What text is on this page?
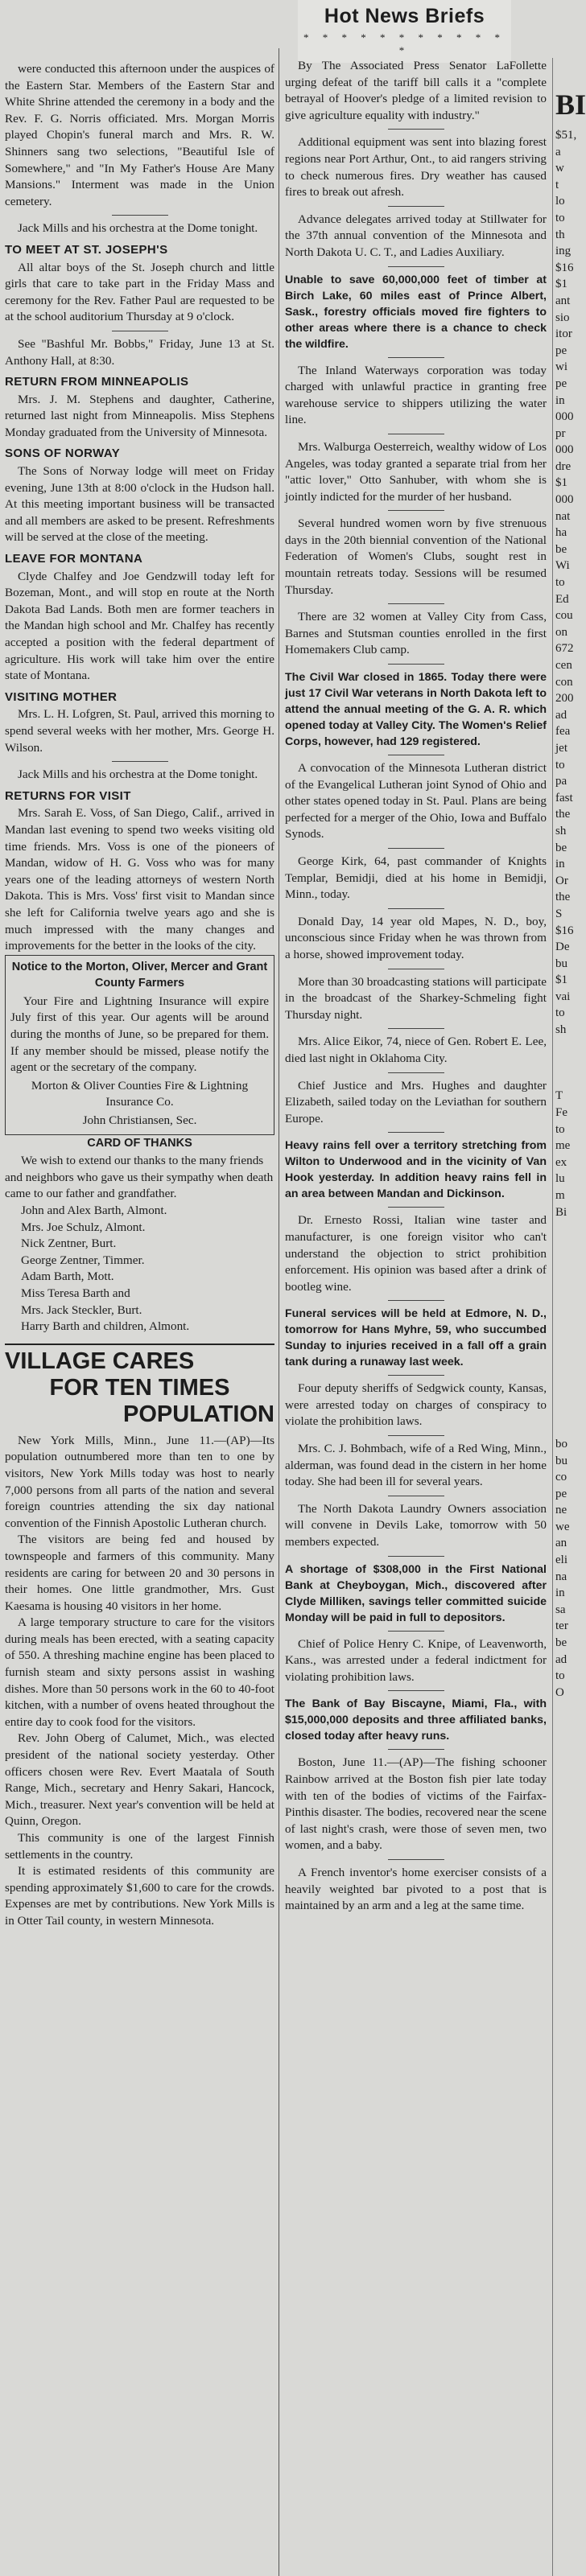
Hot News Briefs
* * * * * * * * * * * *

were conducted this afternoon under the auspices of the Eastern Star. Members of the Eastern Star and White Shrine attended the ceremony in a body and the Rev. F. G. Norris officiated. Mrs. Morgan Morris played Chopin's funeral march and Mrs. R. W. Shinners sang two selections, "Beautiful Isle of Somewhere," and "In My Father's House Are Many Mansions." Interment was made in the Union cemetery.

Jack Mills and his orchestra at the Dome tonight.

TO MEET AT ST. JOSEPH'S

All altar boys of the St. Joseph church and little girls that care to take part in the Friday Mass and ceremony for the Rev. Father Paul are requested to be at the school auditorium Thursday at 9 o'clock.

See "Bashful Mr. Bobbs," Friday, June 13 at St. Anthony Hall, at 8:30.

RETURN FROM MINNEAPOLIS

Mrs. J. M. Stephens and daughter, Catherine, returned last night from Minneapolis. Miss Stephens Monday graduated from the University of Minnesota.

SONS OF NORWAY

The Sons of Norway lodge will meet on Friday evening, June 13th at 8:00 o'clock in the Hudson hall. At this meeting important business will be transacted and all members are asked to be present. Refreshments will be served at the close of the meeting.

LEAVE FOR MONTANA

Clyde Chalfey and Joe Gendzwill today left for Bozeman, Mont., and will stop en route at the North Dakota Bad Lands. Both men are former teachers in the Mandan high school and Mr. Chalfey has recently accepted a position with the federal department of agriculture. His work will take him over the entire state of Montana.

VISITING MOTHER

Mrs. L. H. Lofgren, St. Paul, arrived this morning to spend several weeks with her mother, Mrs. George H. Wilson.

Jack Mills and his orchestra at the Dome tonight.

RETURNS FOR VISIT

Mrs. Sarah E. Voss, of San Diego, Calif., arrived in Mandan last evening to spend two weeks visiting old time friends. Mrs. Voss is one of the pioneers of Mandan, widow of H. G. Voss who was for many years one of the leading attorneys of western North Dakota. This is Mrs. Voss' first visit to Mandan since she left for California twelve years ago and she is much impressed with the many changes and improvements for the better in the looks of the city.

Notice to the Morton, Oliver, Mercer and Grant County Farmers

Your Fire and Lightning Insurance will expire July first of this year. Our agents will be around during the months of June, so be prepared for them. If any member should be missed, please notify the agent or the secretary of the company.

Morton & Oliver Counties Fire & Lightning Insurance Co.
John Christiansen, Sec.
CARD OF THANKS

We wish to extend our thanks to the many friends and neighbors who gave us their sympathy when death came to our father and grandfather.

John and Alex Barth, Almont.

Mrs. Joe Schulz, Almont.

Nick Zentner, Burt.

George Zentner, Timmer.

Adam Barth, Mott.

Miss Teresa Barth and

Mrs. Jack Steckler, Burt.

Harry Barth and children, Almont.

VILLAGE CARES
FOR TEN TIMES
POPULATION

New York Mills, Minn., June 11.—(AP)—Its population outnumbered more than ten to one by visitors, New York Mills today was host to nearly 7,000 persons from all parts of the nation and several foreign countries attending the six day national convention of the Finnish Apostolic Lutheran church.

The visitors are being fed and housed by townspeople and farmers of this community. Many residents are caring for between 20 and 30 persons in their homes. One little grandmother, Mrs. Gust Kaesama is housing 40 visitors in her home.

A large temporary structure to care for the visitors during meals has been erected, with a seating capacity of 550. A threshing machine engine has been placed to furnish steam and sixty persons assist in washing dishes. More than 50 persons work in the 60 to 40-foot kitchen, with a number of ovens heated throughout the entire day to cook food for the visitors.

Rev. John Oberg of Calumet, Mich., was elected president of the national society yesterday. Other officers chosen were Rev. Evert Maatala of South Range, Mich., secretary and Henry Sakari, Hancock, Mich., treasurer. Next year's convention will be held at Quinn, Oregon.

This community is one of the largest Finnish settlements in the country.

It is estimated residents of this community are spending approximately $1,600 to care for the crowds. Expenses are met by contributions. New York Mills is in Otter Tail county, in western Minnesota.

By The Associated Press Senator LaFollette urging defeat of the tariff bill calls it a "complete betrayal of Hoover's pledge of a limited revision to give agriculture equality with industry."

Additional equipment was sent into blazing forest regions near Port Arthur, Ont., to aid rangers striving to check numerous fires. Dry weather has caused fires to break out afresh.

Advance delegates arrived today at Stillwater for the 37th annual convention of the Minnesota and North Dakota U. C. T., and Ladies Auxiliary.

Unable to save 60,000,000 feet of timber at Birch Lake, 60 miles east of Prince Albert, Sask., forestry officials moved fire fighters to other areas where there is a chance to check the wildfire.

The Inland Waterways corporation was today charged with unlawful practice in granting free warehouse service to shippers utilizing the water line.

Mrs. Walburga Oesterreich, wealthy widow of Los Angeles, was today granted a separate trial from her "attic lover," Otto Sanhuber, with whom she is jointly indicted for the murder of her husband.

Several hundred women worn by five strenuous days in the 20th biennial convention of the National Federation of Women's Clubs, sought rest in mountain retreats today. Sessions will be resumed Thursday.

There are 32 women at Valley City from Cass, Barnes and Stutsman counties enrolled in the first Homemakers Club camp.

The Civil War closed in 1865. Today there were just 17 Civil War veterans in North Dakota left to attend the annual meeting of the G. A. R. which opened today at Valley City. The Women's Relief Corps, however, had 129 registered.

A convocation of the Minnesota Lutheran district of the Evangelical Lutheran joint Synod of Ohio and other states opened today in St. Paul. Plans are being perfected for a merger of the Ohio, Iowa and Buffalo Synods.

George Kirk, 64, past commander of Knights Templar, Bemidji, died at his home in Bemidji, Minn., today.

Donald Day, 14 year old Mapes, N. D., boy, unconscious since Friday when he was thrown from a horse, showed improvement today.

More than 30 broadcasting stations will participate in the broadcast of the Sharkey-Schmeling fight Thursday night.

Mrs. Alice Eikor, 74, niece of Gen. Robert E. Lee, died last night in Oklahoma City.

Chief Justice and Mrs. Hughes and daughter Elizabeth, sailed today on the Leviathan for southern Europe.

Heavy rains fell over a territory stretching from Wilton to Underwood and in the vicinity of Van Hook yesterday. In addition heavy rains fell in an area between Mandan and Dickinson.

Dr. Ernesto Rossi, Italian wine taster and manufacturer, is one foreign visitor who can't understand the objection to strict prohibition enforcement. His opinion was based after a drink of bootleg wine.

Funeral services will be held at Edmore, N. D., tomorrow for Hans Myhre, 59, who succumbed Sunday to injuries received in a fall off a grain tank during a runaway last week.

Four deputy sheriffs of Sedgwick county, Kansas, were arrested today on charges of conspiracy to violate the prohibition laws.

Mrs. C. J. Bohmbach, wife of a Red Wing, Minn., alderman, was found dead in the cistern in her home today. She had been ill for several years.

The North Dakota Laundry Owners association will convene in Devils Lake, tomorrow with 50 members expected.

A shortage of $308,000 in the First National Bank at Cheyboygan, Mich., discovered after Clyde Milliken, savings teller committed suicide Monday will be paid in full to depositors.

Chief of Police Henry C. Knipe, of Leavenworth, Kans., was arrested under a federal indictment for violating prohibition laws.

The Bank of Bay Biscayne, Miami, Fla., with $15,000,000 deposits and three affiliated banks, closed today after heavy runs.

Boston, June 11.—(AP)—The fishing schooner Rainbow arrived at the Boston fish pier late today with ten of the bodies of victims of the Fairfax-Pinthis disaster. The bodies, recovered near the scene of last night's crash, were those of seven men, two women, and a baby.

A French inventor's home exerciser consists of a heavily weighted bar pivoted to a post that is maintained by an arm and a leg at the same time.

BI
$51,
a
w
t
lo
to
th
ing
$16
$1
ant
sio
itor
pe
wi
pe
in
000
pr
000
dre
$1
000
nat
ha
be
Wi
to
Ed
cou
on
672
cen
con
200
ad
fea
jet
to
pa
fast
the
sh
be
in
Or
the
S
$16
De
bu
$1
vai
to
sh

T
Fe
to
me
ex
lu
m
Bi

bo
bu
co
pe
ne
we
an
eli
na
in
sa
ter
be
ad
to
O
